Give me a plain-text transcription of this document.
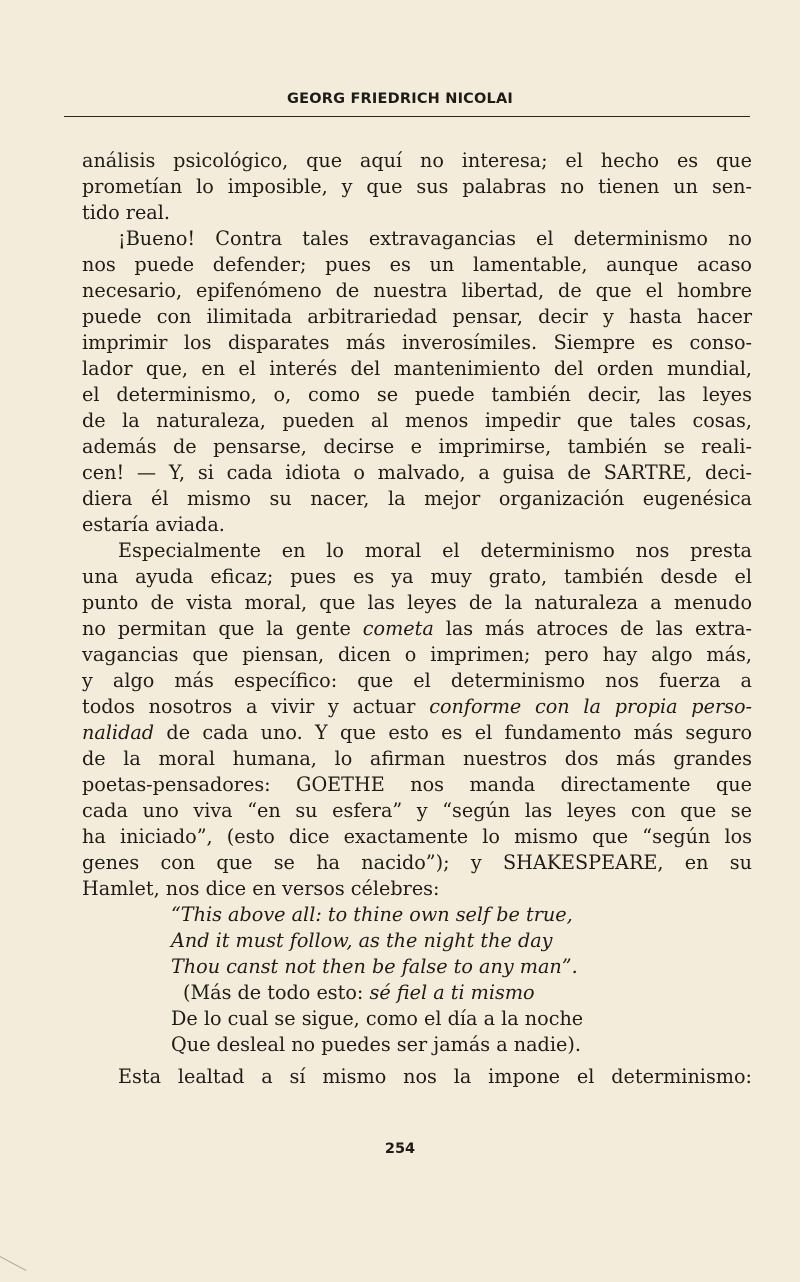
GEORG FRIEDRICH NICOLAI
análisis psicológico, que aquí no interesa; el hecho es que
prometían lo imposible, y que sus palabras no tienen un sen-
tido real.
¡Bueno! Contra tales extravagancias el determinismo no
nos puede defender; pues es un lamentable, aunque acaso
necesario, epifenómeno de nuestra libertad, de que el hombre
puede con ilimitada arbitrariedad pensar, decir y hasta hacer
imprimir los disparates más inverosímiles. Siempre es conso-
lador que, en el interés del mantenimiento del orden mundial,
el determinismo, o, como se puede también decir, las leyes
de la naturaleza, pueden al menos impedir que tales cosas,
además de pensarse, decirse e imprimirse, también se reali-
cen! — Y, si cada idiota o malvado, a guisa de SARTRE, deci-
diera él mismo su nacer, la mejor organización eugenésica
estaría aviada.
Especialmente en lo moral el determinismo nos presta
una ayuda eficaz; pues es ya muy grato, también desde el
punto de vista moral, que las leyes de la naturaleza a menudo
no permitan que la gente cometa las más atroces de las extra-
vagancias que piensan, dicen o imprimen; pero hay algo más,
y algo más específico: que el determinismo nos fuerza a
todos nosotros a vivir y actuar conforme con la propia perso-
nalidad de cada uno. Y que esto es el fundamento más seguro
de la moral humana, lo afirman nuestros dos más grandes
poetas-pensadores: GOETHE nos manda directamente que
cada uno viva “en su esfera” y “según las leyes con que se
ha iniciado”, (esto dice exactamente lo mismo que “según los
genes con que se ha nacido”); y SHAKESPEARE, en su
Hamlet, nos dice en versos célebres:
“This above all: to thine own self be true,
And it must follow, as the night the day
Thou canst not then be false to any man”.
(Más de todo esto: sé fiel a ti mismo
De lo cual se sigue, como el día a la noche
Que desleal no puedes ser jamás a nadie).
Esta lealtad a sí mismo nos la impone el determinismo:
254
